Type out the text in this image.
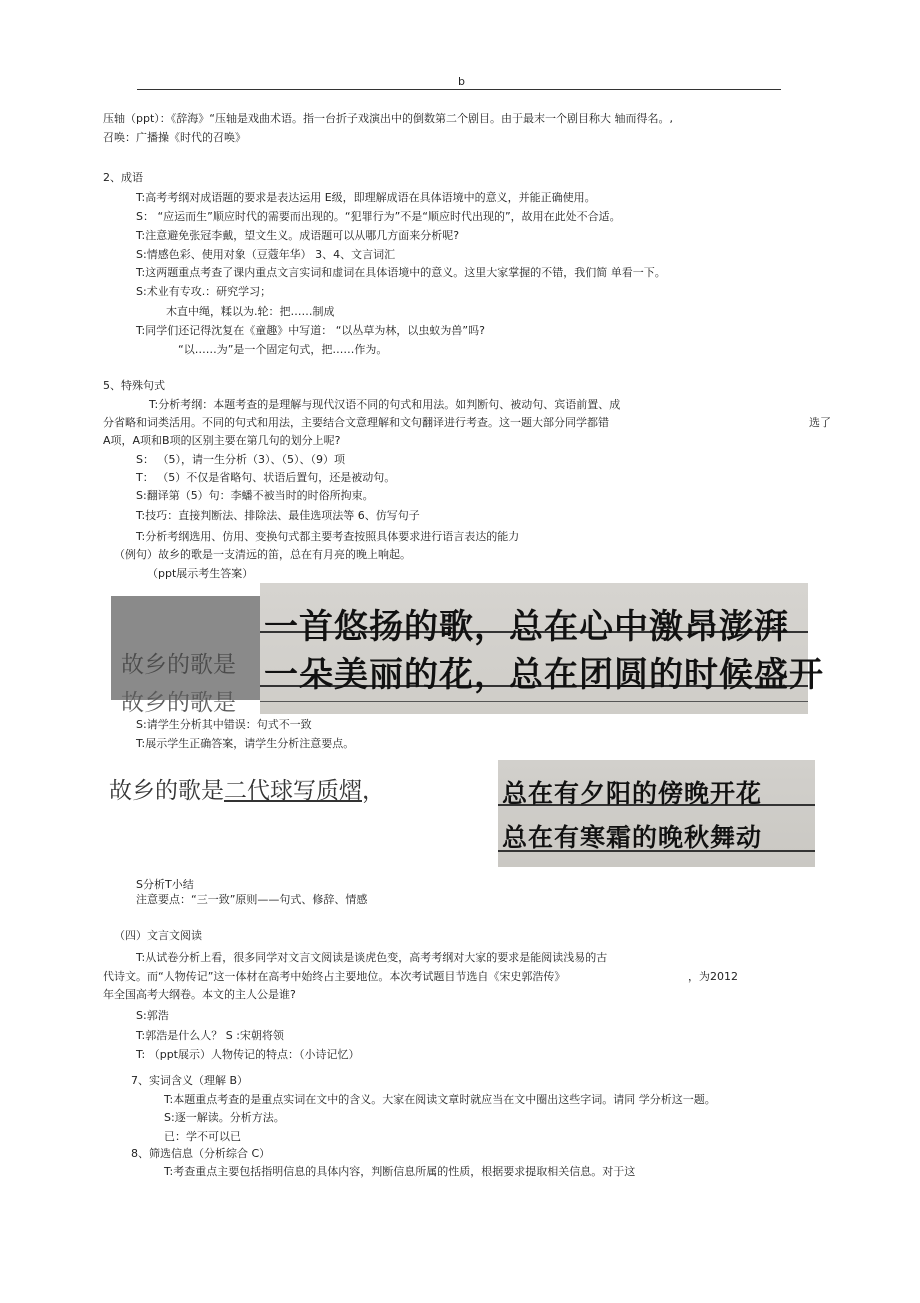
b
压轴（ppt）：《辞海》“压轴是戏曲术语。指一台折子戏演出中的倒数第二个剧目。由于最末一个剧目称大 轴而得名。,
召唤：广播操《时代的召唤》
2、成语
T:高考考纲对成语题的要求是表达运用 E级，即理解成语在具体语境中的意义，并能正确使用。
S： “应运而生”顺应时代的需要而出现的。“犯罪行为”不是“顺应时代出现的”，故用在此处不合适。
T:注意避免张冠李戴，望文生义。成语题可以从哪几方面来分析呢?
S:情感色彩、使用对象（豆蔻年华） 3、4、文言词汇
T:这两题重点考查了课内重点文言实词和虚词在具体语境中的意义。这里大家掌握的不错，我们简 单看一下。
S:术业有专攻.：研究学习；
木直中绳，糅以为.轮：把……制成
T:同学们还记得沈复在《童趣》中写道： “以丛草为林，以虫蚁为兽”吗?
“以……为”是一个固定句式，把……作为。
5、特殊句式
T:分析考纲：本题考查的是理解与现代汉语不同的句式和用法。如判断句、被动句、宾语前置、成
分省略和词类活用。不同的句式和用法，主要结合文意理解和文句翻译进行考查。这一题大部分同学都错	选了
A项，A项和B项的区别主要在第几句的划分上呢?
S： （5），请一生分析（3）、（5）、（9）项
T： （5）不仅是省略句、状语后置句，还是被动句。
S:翻译第（5）句：李蟠不被当时的时俗所拘束。
T:技巧：直接判断法、排除法、最佳选项法等 6、仿写句子
T:分析考纲选用、仿用、变换句式都主要考查按照具体要求进行语言表达的能力
（例句）故乡的歌是一支清远的笛，总在有月亮的晚上响起。
（ppt展示考生答案）
S:请学生分析其中错误：句式不一致
T:展示学生正确答案，请学生分析注意要点。
S分析T小结
注意要点：“三一致”原则——句式、修辞、情感
（四）文言文阅读
T:从试卷分析上看，很多同学对文言文阅读是谈虎色变，高考考纲对大家的要求是能阅读浅易的古
代诗文。而“人物传记”这一体材在高考中始终占主要地位。本次考试题目节选自《宋史郭浩传》	，为2012
年全国高考大纲卷。本文的主人公是谁?
S:郭浩
T:郭浩是什么人？ S :宋朝将领
T: （ppt展示）人物传记的特点：（小诗记忆）
7、实词含义（理解 B）
T:本题重点考查的是重点实词在文中的含义。大家在阅读文章时就应当在文中圈出这些字词。请同 学分析这一题。
S:逐一解读。分析方法。
已：学不可以已
8、筛选信息（分析综合 C）
T:考查重点主要包括指明信息的具体内容，判断信息所属的性质，根据要求提取相关信息。对于这
故乡的歌是
故乡的歌是
一首悠扬的歌，总在心中激昂澎湃
一朵美丽的花，总在团圆的时候盛开
故乡的歌是二代球写质熠，	总在有夕阳的傍晚开花
总在有寒霜的晚秋舞动
